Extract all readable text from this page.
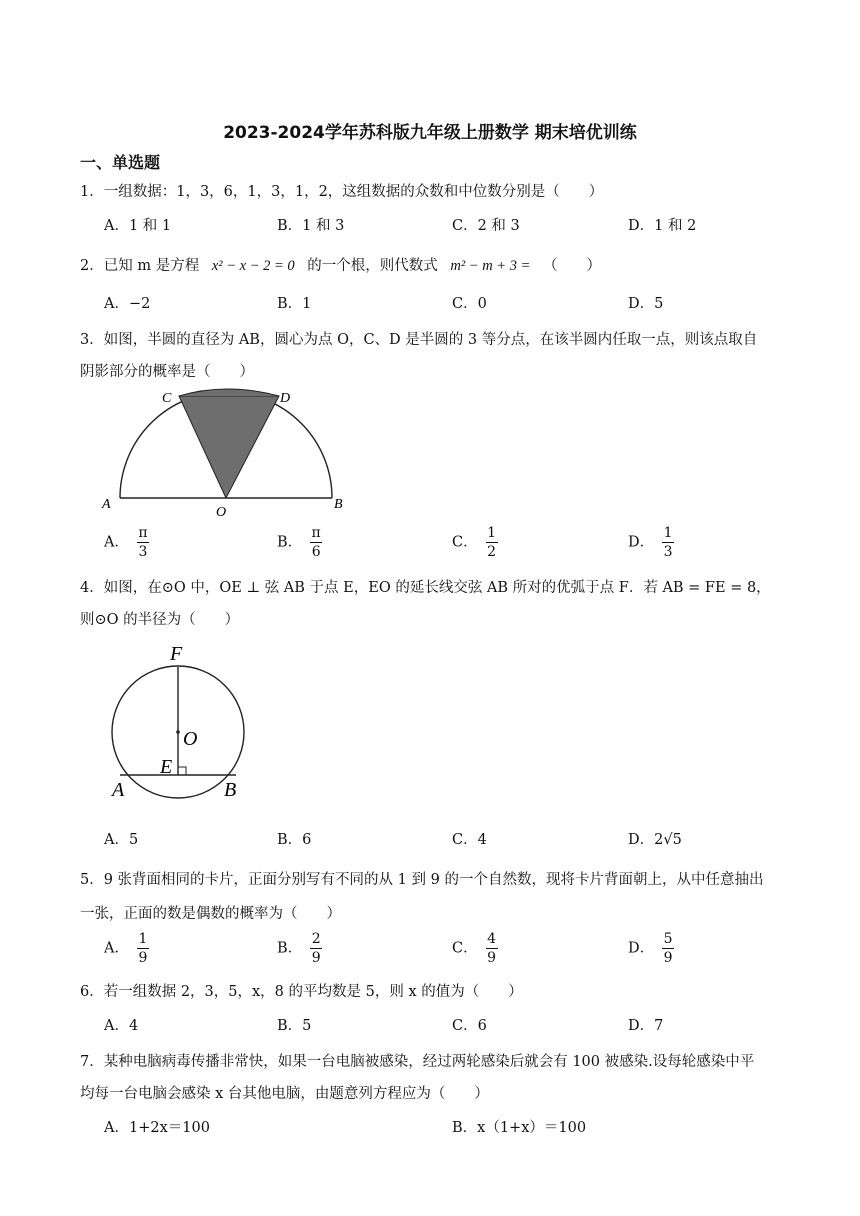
2023-2024学年苏科版九年级上册数学 期末培优训练
一、单选题
1．一组数据：1，3，6，1，3，1，2，这组数据的众数和中位数分别是（　　）
A．1 和 1	B．1 和 3	C．2 和 3	D．1 和 2
2．已知 m 是方程 x² − x − 2 = 0 的一个根，则代数式 m² − m + 3 = （　　）
A．−2	B．1	C．0	D．5
3．如图，半圆的直径为 AB，圆心为点 O，C、D 是半圆的 3 等分点，在该半圆内任取一点，则该点取自
阴影部分的概率是（　　）
A	B
C	D
O
A． $\frac{\pi}{3}$	B． $\frac{\pi}{6}$	C． $\frac{1}{2}$	D． $\frac{1}{3}$
4．如图，在⊙O 中，OE ⊥ 弦 AB 于点 E，EO 的延长线交弦 AB 所对的优弧于点 F．若 AB = FE = 8，
则⊙O 的半径为（　　）
F
O
E
A	B
A．5	B．6	C．4	D．2√5
5．9 张背面相同的卡片，正面分别写有不同的从 1 到 9 的一个自然数，现将卡片背面朝上，从中任意抽出
一张，正面的数是偶数的概率为（　　）
A． $\frac{1}{9}$	B． $\frac{2}{9}$	C． $\frac{4}{9}$	D． $\frac{5}{9}$
6．若一组数据 2，3，5，x，8 的平均数是 5，则 x 的值为（　　）
A．4	B．5	C．6	D．7
7．某种电脑病毒传播非常快，如果一台电脑被感染，经过两轮感染后就会有 100 被感染.设每轮感染中平
均每一台电脑会感染 x 台其他电脑，由题意列方程应为（　　）
A．1+2x＝100	B．x（1+x）＝100
